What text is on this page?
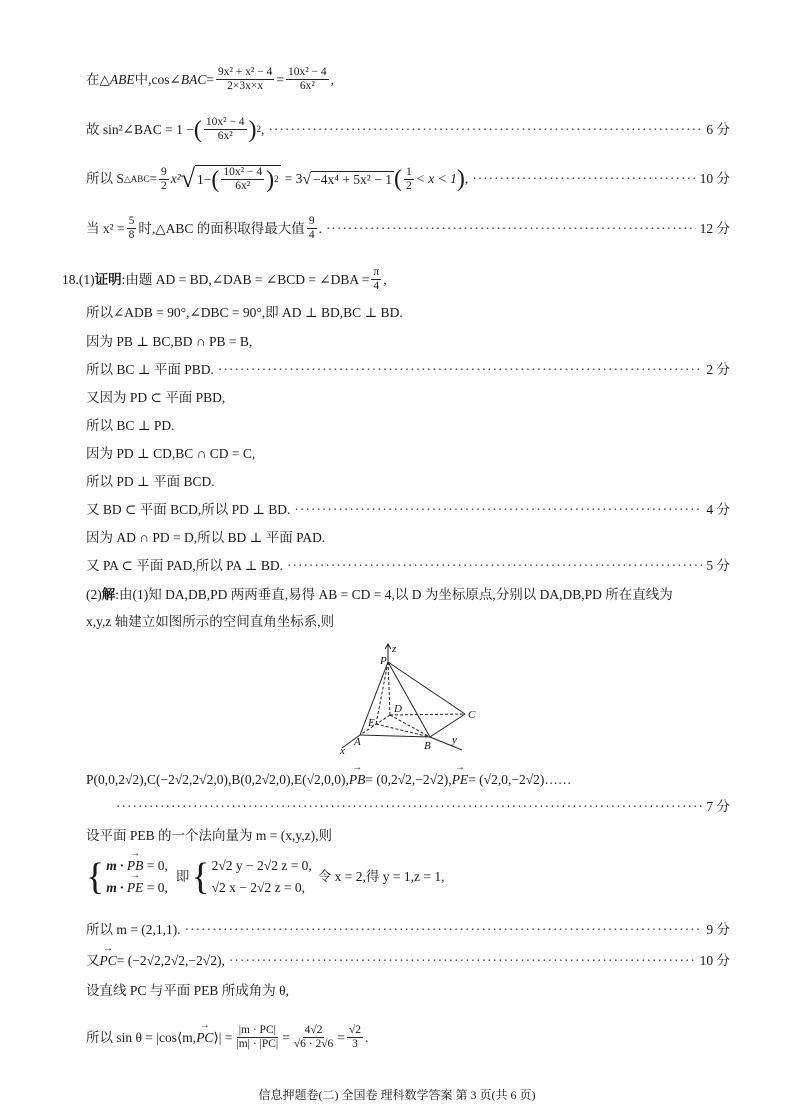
在△ ABE 中,cos∠ BAC = $\frac{\text{9x² + x² − 4}}{2\times 3x\times x} = \frac{\text{10x² − 4}}{\text{6x²}}$ ,
故 sin²∠BAC = 1 − ( $\frac{\text{10x² − 4}}{\text{6x²}}$ ) 2 , ·····	6 分
所以 S △ABC = $\frac{9}{2} x^2$ √ 1− ( $\frac{\text{10x² − 4}}{\text{6x²}}$ ) 2 = 3 √ −4x⁴ + 5x² − 1 ( $\frac{1}{2} < x < 1$ ) , ·····	10 分
当 $x^2 = \frac{5}{8}$ 时,△ABC 的面积取得最大值 $\frac{9}{4}$ . ·····	12 分
18.(1) 证明 :由题 AD = BD,∠DAB = ∠BCD = ∠DBA = $\frac{\pi}{4}$ ,
所以∠ADB = 90°,∠DBC = 90°,即 AD ⊥ BD,BC ⊥ BD.
因为 PB ⊥ BC,BD ∩ PB = B,
所以 BC ⊥ 平面 PBD. ·····	2 分
又因为 PD ⊂ 平面 PBD,
所以 BC ⊥ PD.
因为 PD ⊥ CD,BC ∩ CD = C,
所以 PD ⊥ 平面 BCD.
又 BD ⊂ 平面 BCD,所以 PD ⊥ BD. ·····	4 分
因为 AD ∩ PD = D,所以 BD ⊥ 平面 PAD.
又 PA ⊂ 平面 PAD,所以 PA ⊥ BD. ·····	5 分
(2) 解 :由(1)知 DA,DB,PD 两两垂直,易得 AB = CD = 4,以 D 为坐标原点,分别以 DA,DB,PD 所在直线为
x,y,z 轴建立如图所示的空间直角坐标系,则
P
z
D
E
C
A	B
x
y
P(0,0,2√2),C(−2√2,2√2,0),B(0,2√2,0),E(√2,0,0), → PB = (0,2√2,−2√2), → PE = (√2,0,−2√2)……
·····
7 分
设平面 PEB 的一个法向量为 m = (x,y,z),则
{ m · → PB = 0,
m · → PE = 0,
即 { 2√2 y − 2√2 z = 0,
√2 x − 2√2 z = 0,
令 x = 2,得 y = 1,z = 1,
所以 m = (2,1,1). ·····	9 分
又 → PC = (−2√2,2√2,−2√2), ·····	10 分
设直线 PC 与平面 PEB 所成角为 θ,
所以 sin θ = |cos⟨m, → PC ⟩| = $\frac{|m \cdot PC|}{|m| \cdot |PC|} = \frac{4√2}{√6 \cdot 2√6} = \frac{√2}{3}$ .
信息押题卷(二) 全国卷 理科数学答案 第 3 页(共 6 页)
